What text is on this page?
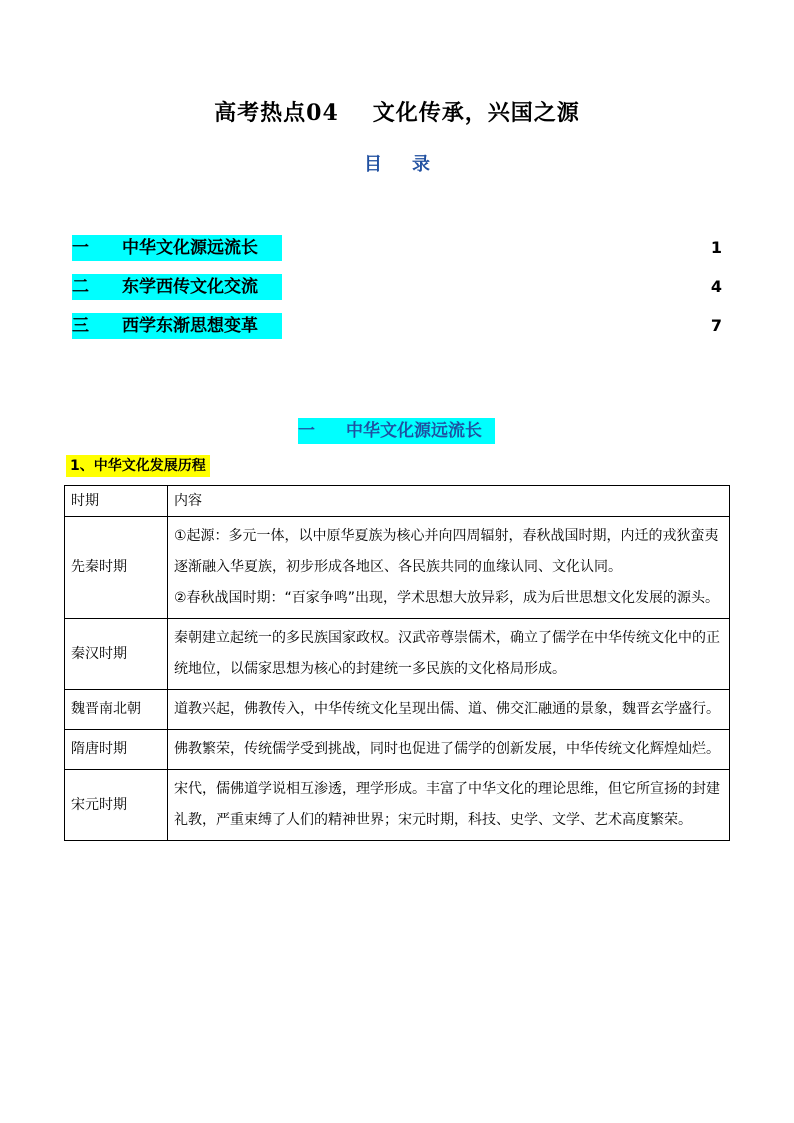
高考热点04 文化传承，兴国之源
目 录
一 中华文化源远流长	1
二 东学西传文化交流	4
三 西学东渐思想变革	7
一 中华文化源远流长
1、中华文化发展历程
时期	内容
先秦时期	①起源：多元一体，以中原华夏族为核心并向四周辐射，春秋战国时期，内迁的戎狄蛮夷逐渐融入华夏族，初步形成各地区、各民族共同的血缘认同、文化认同。
②春秋战国时期：“百家争鸣”出现，学术思想大放异彩，成为后世思想文化发展的源头。

秦汉时期	秦朝建立起统一的多民族国家政权。汉武帝尊崇儒术，确立了儒学在中华传统文化中的正统地位，以儒家思想为核心的封建统一多民族的文化格局形成。

魏晋南北朝	道教兴起，佛教传入，中华传统文化呈现出儒、道、佛交汇融通的景象，魏晋玄学盛行。

隋唐时期	佛教繁荣，传统儒学受到挑战，同时也促进了儒学的创新发展，中华传统文化辉煌灿烂。

宋元时期	宋代，儒佛道学说相互渗透，理学形成。丰富了中华文化的理论思维，但它所宣扬的封建礼教，严重束缚了人们的精神世界；宋元时期，科技、史学、文学、艺术高度繁荣。
